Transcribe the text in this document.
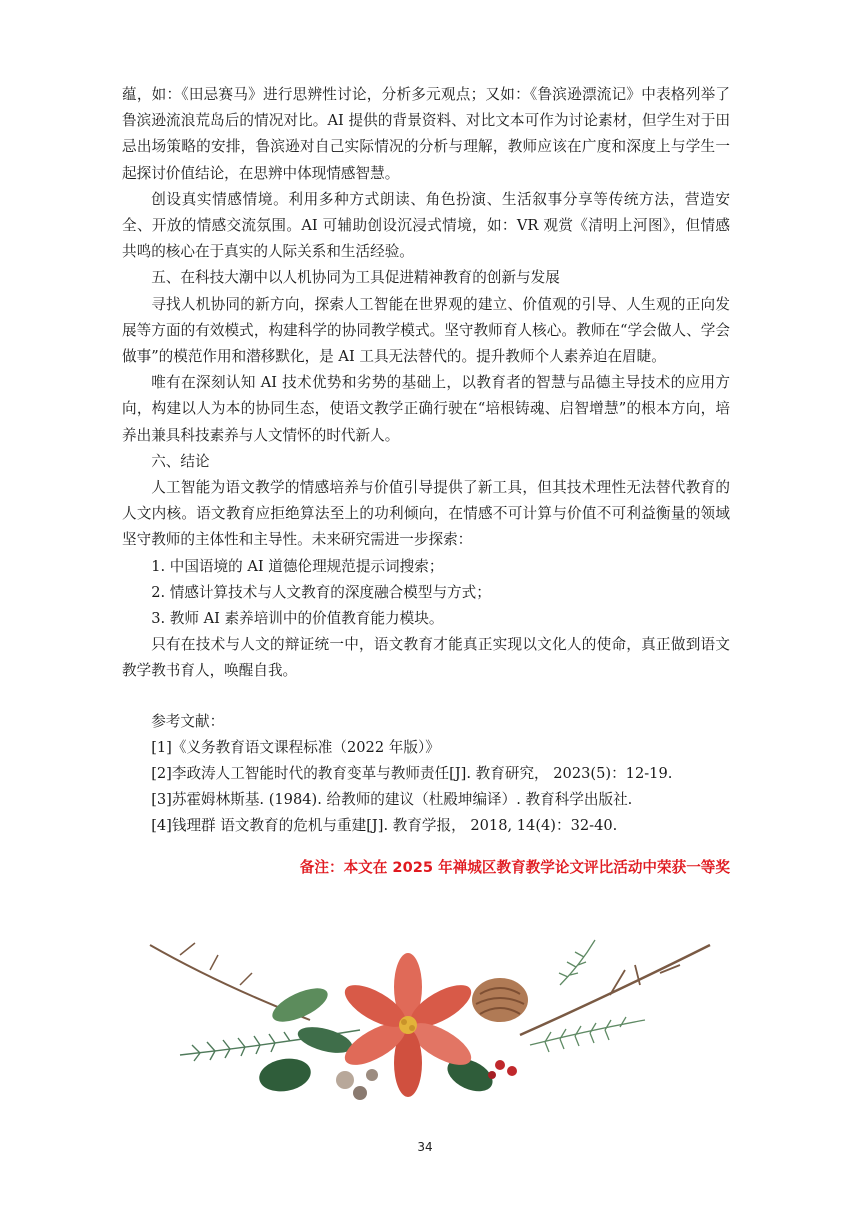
蕴，如：《田忌赛马》进行思辨性讨论，分析多元观点；又如：《鲁滨逊漂流记》中表格列举了鲁滨逊流浪荒岛后的情况对比。AI 提供的背景资料、对比文本可作为讨论素材，但学生对于田忌出场策略的安排，鲁滨逊对自己实际情况的分析与理解，教师应该在广度和深度上与学生一起探讨价值结论，在思辨中体现情感智慧。

创设真实情感情境。利用多种方式朗读、角色扮演、生活叙事分享等传统方法，营造安全、开放的情感交流氛围。AI 可辅助创设沉浸式情境，如：VR 观赏《清明上河图》，但情感共鸣的核心在于真实的人际关系和生活经验。

五、在科技大潮中以人机协同为工具促进精神教育的创新与发展

寻找人机协同的新方向，探索人工智能在世界观的建立、价值观的引导、人生观的正向发展等方面的有效模式，构建科学的协同教学模式。坚守教师育人核心。教师在“学会做人、学会做事”的模范作用和潜移默化，是 AI 工具无法替代的。提升教师个人素养迫在眉睫。

唯有在深刻认知 AI 技术优势和劣势的基础上，以教育者的智慧与品德主导技术的应用方向，构建以人为本的协同生态，使语文教学正确行驶在“培根铸魂、启智增慧”的根本方向，培养出兼具科技素养与人文情怀的时代新人。

六、结论

人工智能为语文教学的情感培养与价值引导提供了新工具，但其技术理性无法替代教育的人文内核。语文教育应拒绝算法至上的功利倾向，在情感不可计算与价值不可利益衡量的领域坚守教师的主体性和主导性。未来研究需进一步探索：

1. 中国语境的 AI 道德伦理规范提示词搜索；

2. 情感计算技术与人文教育的深度融合模型与方式；

3. 教师 AI 素养培训中的价值教育能力模块。

只有在技术与人文的辩证统一中，语文教育才能真正实现以文化人的使命，真正做到语文教学教书育人，唤醒自我。

参考文献：

[1]《义务教育语文课程标准（2022 年版）》

[2]李政涛人工智能时代的教育变革与教师责任[J]. 教育研究， 2023(5)：12-19.

[3]苏霍姆林斯基. (1984). 给教师的建议（杜殿坤编译）. 教育科学出版社.

[4]钱理群 语文教育的危机与重建[J]. 教育学报， 2018, 14(4)：32-40.

备注：本文在 2025 年禅城区教育教学论文评比活动中荣获一等奖
34
